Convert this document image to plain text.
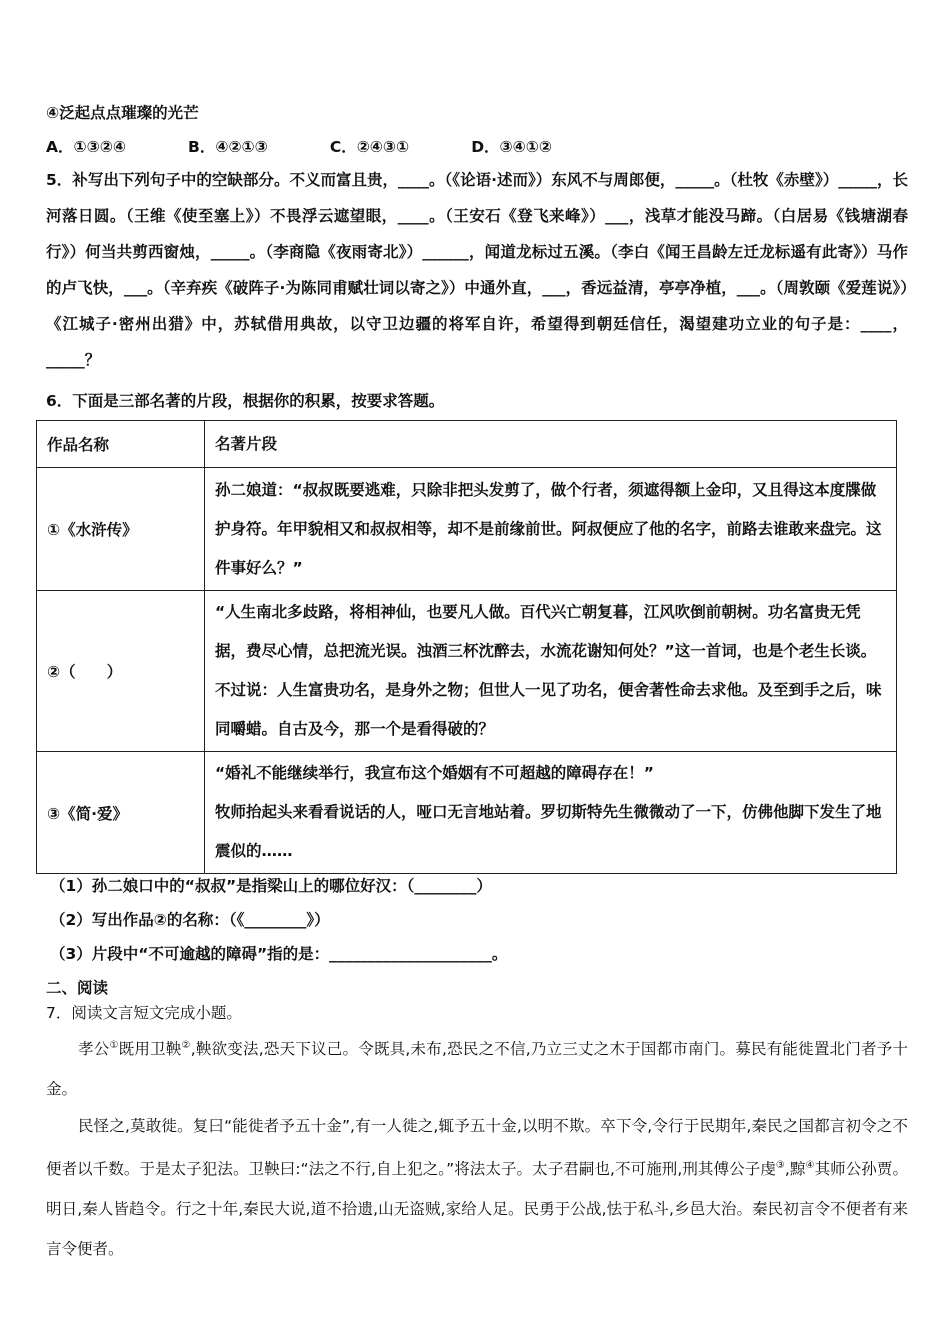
④泛起点点璀璨的光芒
A．①③②④	B．④②①③	C．②④③①	D．③④①②
5．补写出下列句子中的空缺部分。不义而富且贵，____。（《论语·述而》）东风不与周郎便，_____。（杜牧《赤壁》）_____，长河落日圆。（王维《使至塞上》）不畏浮云遮望眼，____。（王安石《登飞来峰》）___，浅草才能没马蹄。（白居易《钱塘湖春行》）何当共剪西窗烛，_____。（李商隐《夜雨寄北》）______，闻道龙标过五溪。（李白《闻王昌龄左迁龙标遥有此寄》）马作的卢飞快，___。（辛弃疾《破阵子·为陈同甫赋壮词以寄之》）中通外直，___，香远益清，亭亭净植，___。（周敦颐《爱莲说》）《江城子·密州出猎》中，苏轼借用典故，以守卫边疆的将军自许，希望得到朝廷信任，渴望建功立业的句子是：____，_____？
6．下面是三部名著的片段，根据你的积累，按要求答题。
作品名称	名著片段
①《水浒传》	孙二娘道：“叔叔既要逃难，只除非把头发剪了，做个行者，须遮得额上金印，又且得这本度牒做护身符。年甲貌相又和叔叔相等，却不是前缘前世。阿叔便应了他的名字，前路去谁敢来盘完。这件事好么？”
②（　　）	“人生南北多歧路，将相神仙，也要凡人做。百代兴亡朝复暮，江风吹倒前朝树。功名富贵无凭据，费尽心情，总把流光误。浊酒三杯沈醉去，水流花谢知何处？”这一首词，也是个老生长谈。不过说：人生富贵功名，是身外之物；但世人一见了功名，便舍著性命去求他。及至到手之后，味同嚼蜡。自古及今，那一个是看得破的？
③《简·爱》	“婚礼不能继续举行，我宣布这个婚姻有不可超越的障碍存在！”
牧师抬起头来看看说话的人，哑口无言地站着。罗切斯特先生微微动了一下，仿佛他脚下发生了地震似的……
（1）孙二娘口中的“叔叔”是指梁山上的哪位好汉：（________）
（2）写出作品②的名称：（《________》）
（3）片段中“不可逾越的障碍”指的是：_____________________。
二、阅读
7．阅读文言短文完成小题。
孝公①既用卫鞅②,鞅欲变法,恐天下议己。令既具,未布,恐民之不信,乃立三丈之木于国都市南门。募民有能徙置北门者予十金。
民怪之,莫敢徙。复曰“能徙者予五十金”,有一人徙之,辄予五十金,以明不欺。卒下令,令行于民期年,秦民之国都言初令之不便者以千数。于是太子犯法。卫鞅曰:“法之不行,自上犯之。”将法太子。太子君嗣也,不可施刑,刑其傅公子虔③,黥④其师公孙贾。明日,秦人皆趋令。行之十年,秦民大说,道不拾遗,山无盗贼,家给人足。民勇于公战,怯于私斗,乡邑大治。秦民初言令不便者有来言令便者。
